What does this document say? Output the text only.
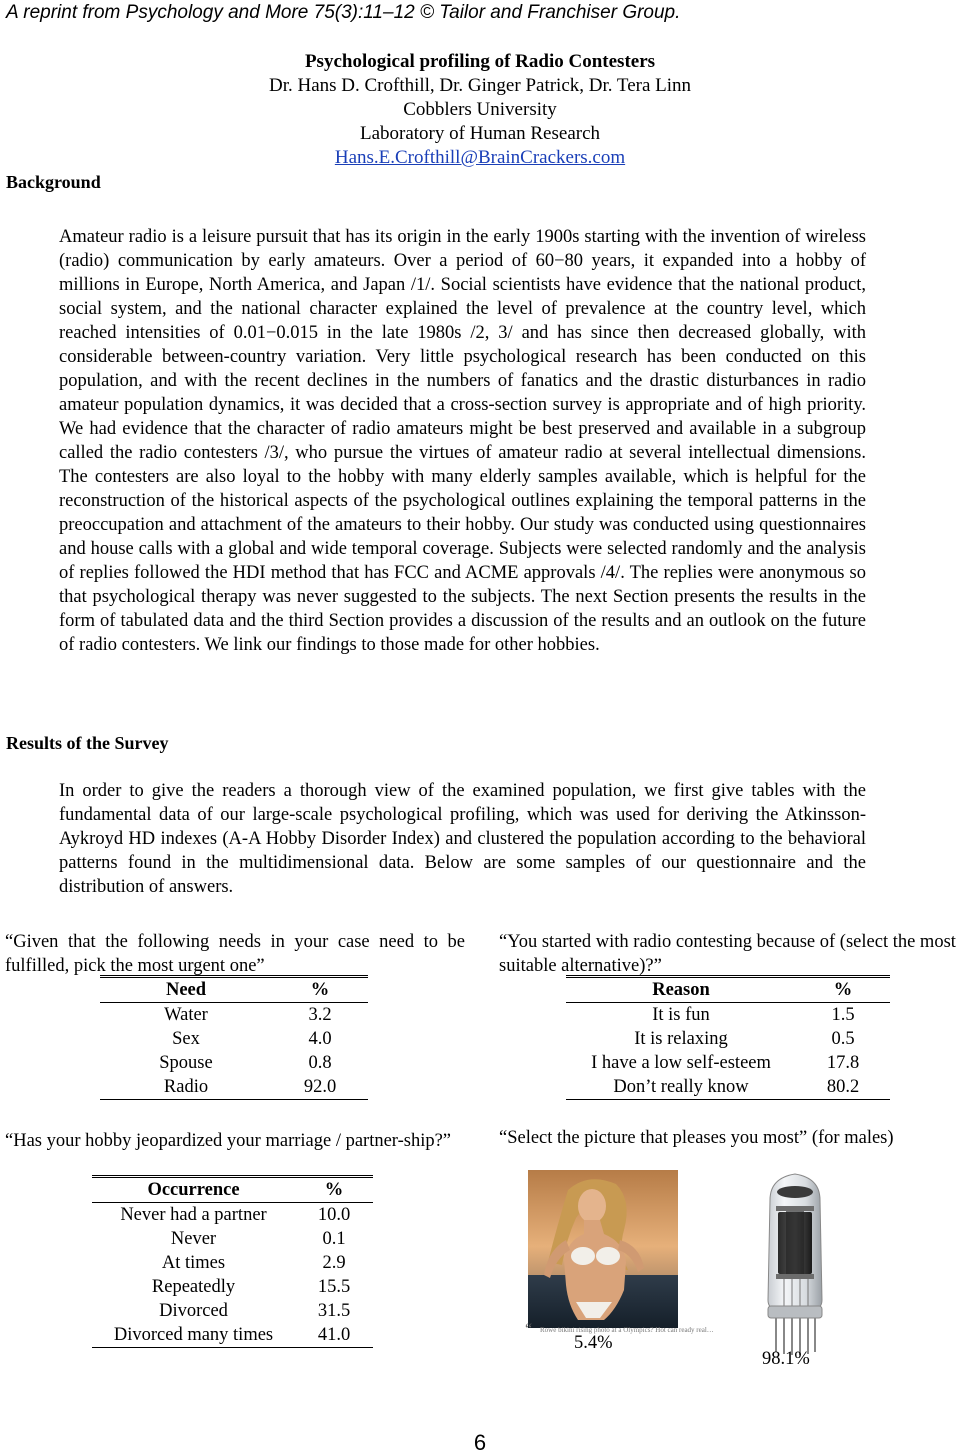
A reprint from Psychology and More 75(3):11–12 © Tailor and Franchiser Group.
Psychological profiling of Radio Contesters
Dr. Hans D. Crofthill, Dr. Ginger Patrick, Dr. Tera Linn
Cobblers University
Laboratory of Human Research
Hans.E.Crofthill@BrainCrackers.com
Background
Amateur radio is a leisure pursuit that has its origin in the early 1900s starting with the invention of wireless (radio) communication by early amateurs. Over a period of 60−80 years, it expanded into a hobby of millions in Europe, North America, and Japan /1/. Social scientists have evidence that the national product, social system, and the national character explained the level of prevalence at the country level, which reached intensities of 0.01−0.015 in the late 1980s /2, 3/ and has since then decreased globally, with considerable between-country variation. Very little psychological research has been conducted on this population, and with the recent declines in the numbers of fanatics and the drastic disturbances in radio amateur population dynamics, it was decided that a cross-section survey is appropriate and of high priority. We had evidence that the character of radio amateurs might be best preserved and available in a subgroup called the radio contesters /3/, who pursue the virtues of amateur radio at several intellectual dimensions. The contesters are also loyal to the hobby with many elderly samples available, which is helpful for the reconstruction of the historical aspects of the psychological outlines explaining the temporal patterns in the preoccupation and attachment of the amateurs to their hobby. Our study was conducted using questionnaires and house calls with a global and wide temporal coverage. Subjects were selected randomly and the analysis of replies followed the HDI method that has FCC and ACME approvals /4/. The replies were anonymous so that psychological therapy was never suggested to the subjects. The next Section presents the results in the form of tabulated data and the third Section provides a discussion of the results and an outlook on the future of radio contesters. We link our findings to those made for other hobbies.
Results of the Survey
In order to give the readers a thorough view of the examined population, we first give tables with the fundamental data of our large-scale psychological profiling, which was used for deriving the Atkinsson-Aykroyd HD indexes (A-A Hobby Disorder Index) and clustered the population according to the behavioral patterns found in the multidimensional data. Below are some samples of our questionnaire and the distribution of answers.
“Given that the following needs in your case need to be fulfilled, pick the most urgent one”
Need	%
Water	3.2
Sex	4.0
Spouse	0.8
Radio	92.0
“You started with radio contesting because of (select the most suitable alternative)?”
Reason	%
It is fun	1.5
It is relaxing	0.5
I have a low self-esteem	17.8
Don’t really know	80.2
“Has your hobby jeopardized your marriage / partner-ship?”
Occurrence	%
Never had a partner	10.0
Never	0.1
At times	2.9
Repeatedly	15.5
Divorced	31.5
Divorced many times	41.0
“Select the picture that pleases you most” (for males)
“ Rowe bikini rising photo at a Olympics? Hot can ready real…
5.4%
98.1%
6
